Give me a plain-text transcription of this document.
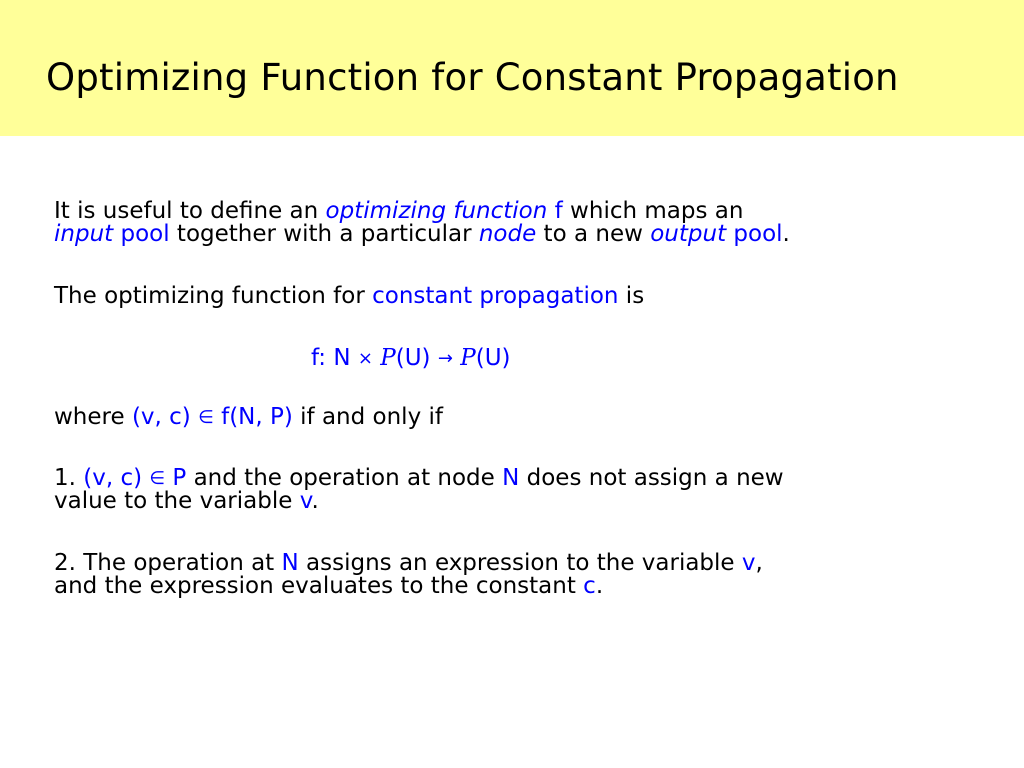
Optimizing Function for Constant Propagation
It is useful to define an optimizing function f which maps an
input pool together with a particular node to a new output pool.
The optimizing function for constant propagation is
f: N × P(U) → P(U)
where (v, c) ∈ f(N, P) if and only if
1. (v, c) ∈ P and the operation at node N does not assign a new
value to the variable v.
2. The operation at N assigns an expression to the variable v,
and the expression evaluates to the constant c.
